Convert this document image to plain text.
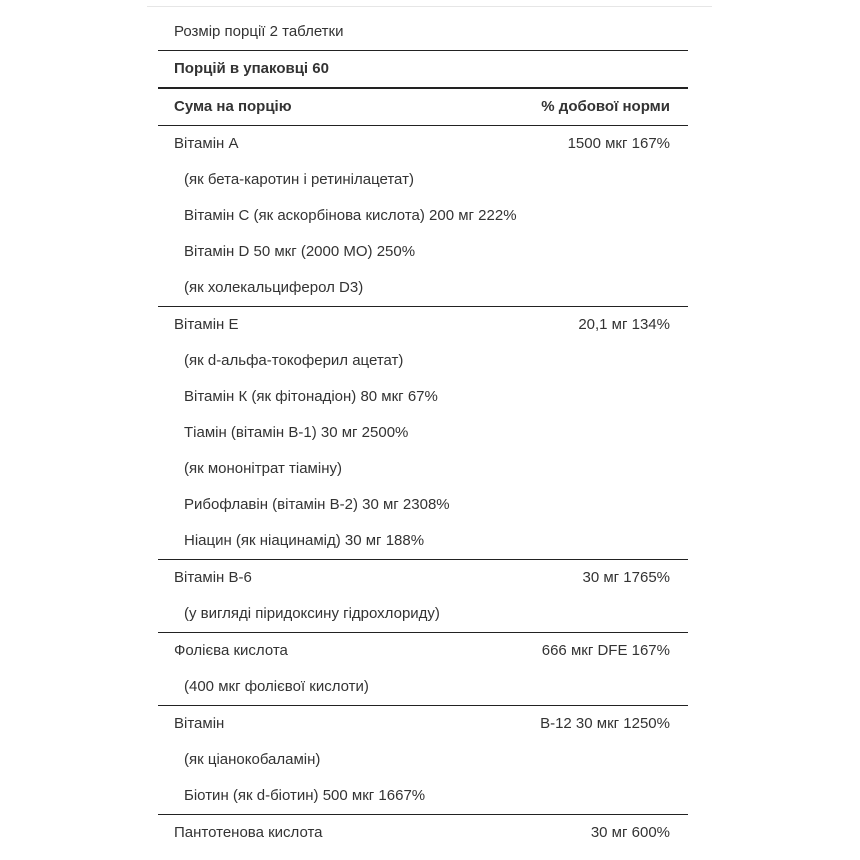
Розмір порції 2 таблетки
Порцій в упаковці 60
Сума на порцію	% добової норми
Вітамін А	1500 мкг 167%
(як бета-каротин і ретинілацетат)
Вітамін С (як аскорбінова кислота) 200 мг 222%
Вітамін D 50 мкг (2000 МО) 250%
(як холекальциферол D3)
Вітамін Е	20,1 мг 134%
(як d-альфа-токоферил ацетат)
Вітамін К (як фітонадіон) 80 мкг 67%
Тіамін (вітамін В-1) 30 мг 2500%
(як мононітрат тіаміну)
Рибофлавін (вітамін В-2) 30 мг 2308%
Ніацин (як ніацинамід) 30 мг 188%
Вітамін В-6	30 мг 1765%
(у вигляді піридоксину гідрохлориду)
Фолієва кислота	666 мкг DFE 167%
(400 мкг фолієвої кислоти)
Вітамін	В-12 30 мкг 1250%
(як ціанокобаламін)
Біотин (як d-біотин) 500 мкг 1667%
Пантотенова кислота	30 мг 600%
